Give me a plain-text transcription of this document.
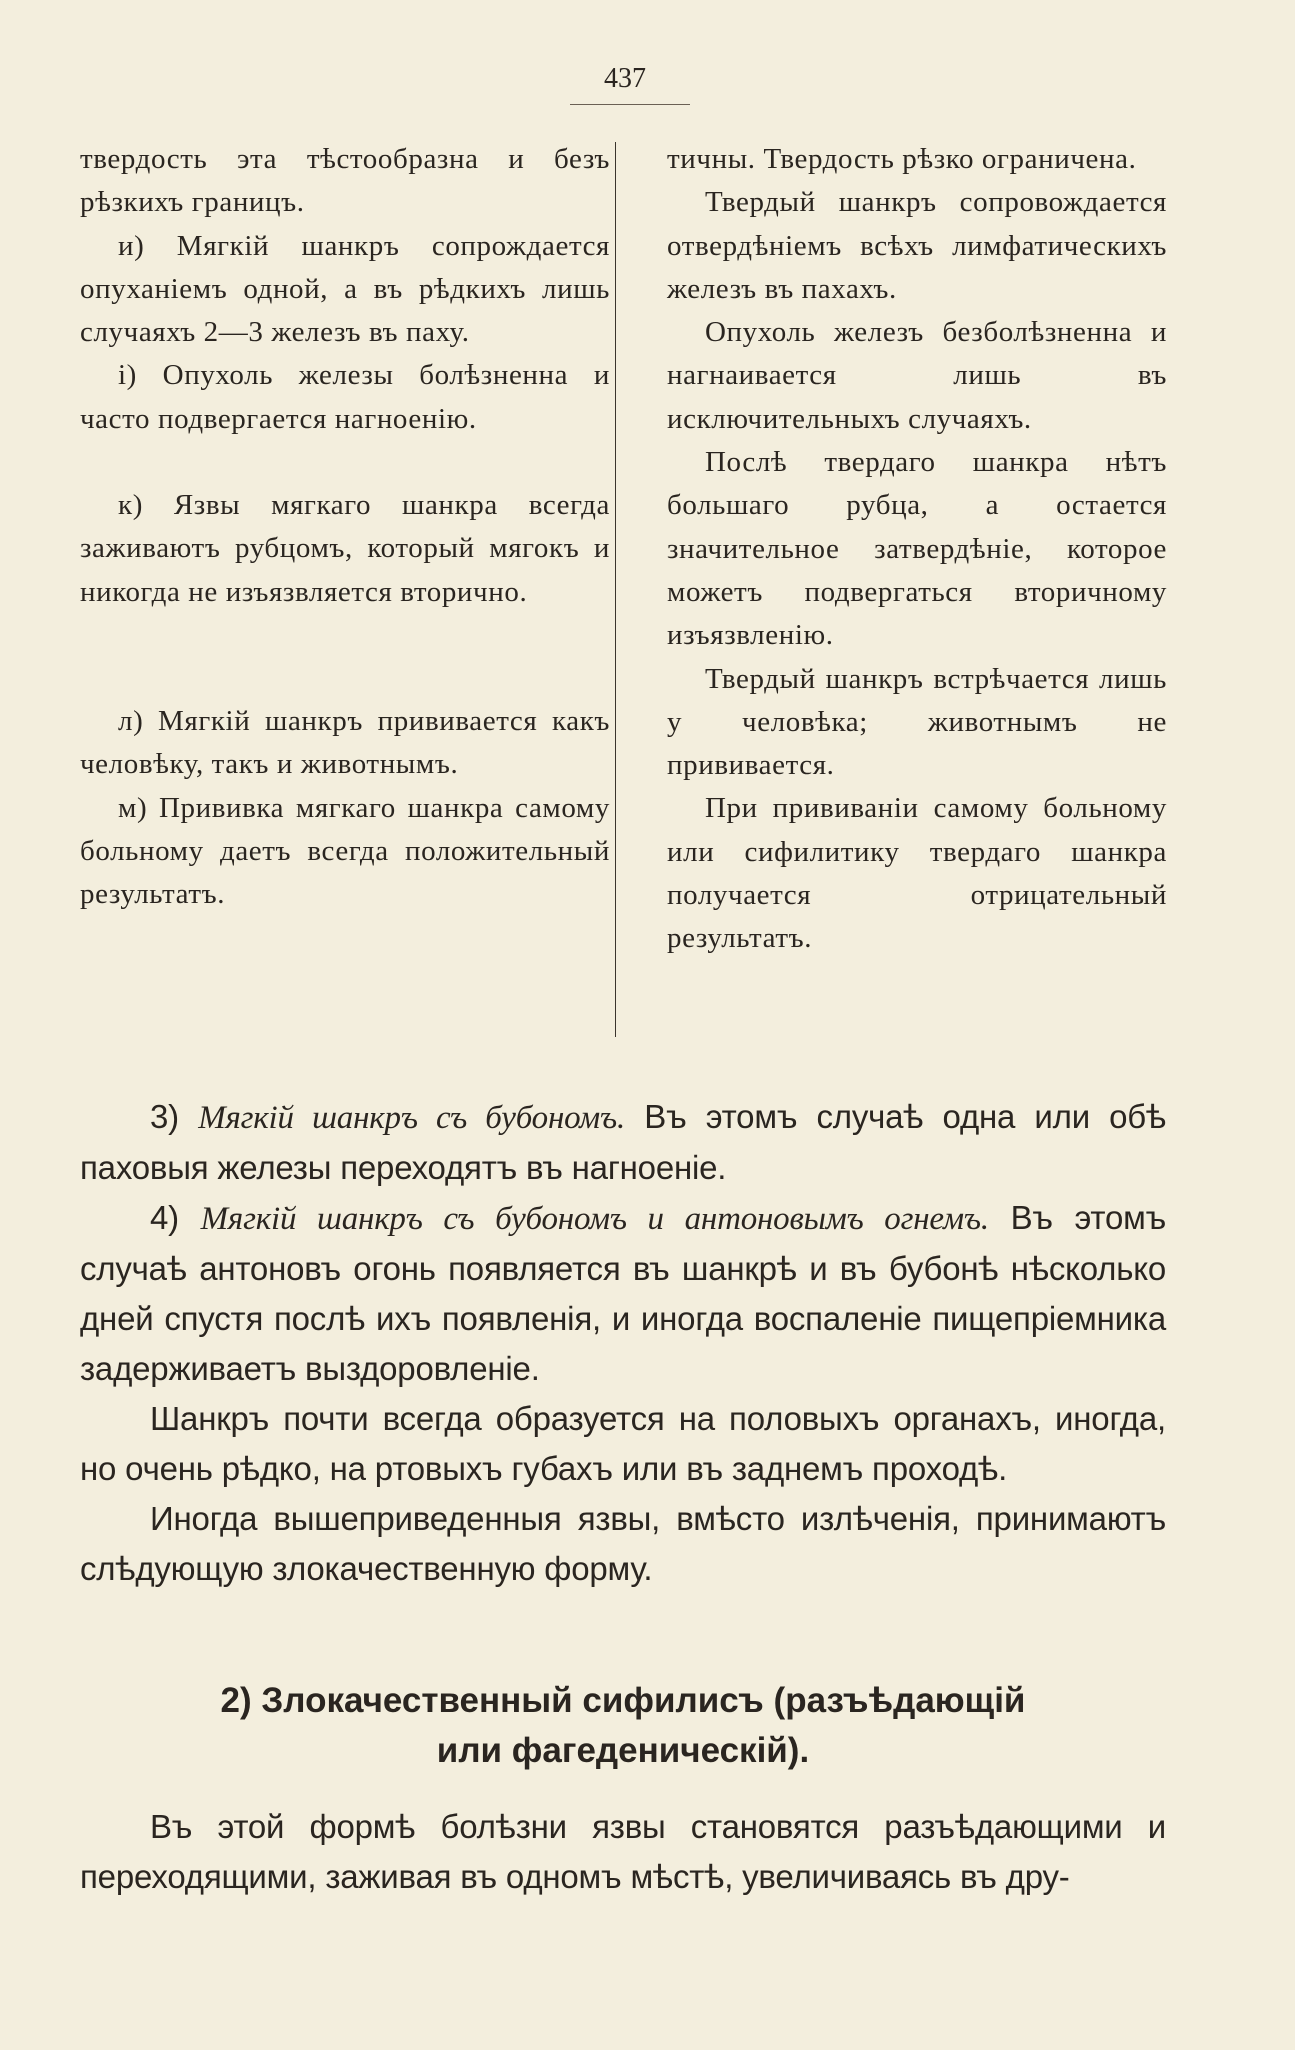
437

твердость эта тѣстообразна и безъ рѣзкихъ границъ.

и) Мягкій шанкръ сопрождается опуханіемъ одной, а въ рѣдкихъ лишь случаяхъ 2—3 железъ въ паху.

і) Опухоль железы болѣзненна и часто подвергается нагноенію.

к) Язвы мягкаго шанкра всегда заживаютъ рубцомъ, который мягокъ и никогда не изъязвляется вторично.

л) Мягкій шанкръ прививается какъ человѣку, такъ и животнымъ.

м) Прививка мягкаго шанкра самому больному даетъ всегда положительный результатъ.

тичны. Твердость рѣзко ограничена.

Твердый шанкръ сопровождается отвердѣніемъ всѣхъ лимфатическихъ железъ въ пахахъ.

Опухоль железъ безболѣзненна и нагнаивается лишь въ исключительныхъ случаяхъ.

Послѣ твердаго шанкра нѣтъ большаго рубца, а остается значительное затвердѣніе, которое можетъ подвергаться вторичному изъязвленію.

Твердый шанкръ встрѣчается лишь у человѣка; животнымъ не прививается.

При прививаніи самому больному или сифилитику твердаго шанкра получается отрицательный результатъ.

3) Мягкій шанкръ съ бубономъ. Въ этомъ случаѣ одна или обѣ паховыя железы переходятъ въ нагноеніе.

4) Мягкій шанкръ съ бубономъ и антоновымъ огнемъ. Въ этомъ случаѣ антоновъ огонь появляется въ шанкрѣ и въ бубонѣ нѣсколько дней спустя послѣ ихъ появленія, и иногда воспаленіе пищепріемника задерживаетъ выздоровленіе.

Шанкръ почти всегда образуется на половыхъ органахъ, иногда, но очень рѣдко, на ртовыхъ губахъ или въ заднемъ проходѣ.

Иногда вышеприведенныя язвы, вмѣсто излѣченія, принимаютъ слѣдующую злокачественную форму.

2) Злокачественный сифилисъ (разъѣдающій
или фагеденическій).

Въ этой формѣ болѣзни язвы становятся разъѣдающими и переходящими, заживая въ одномъ мѣстѣ, увеличиваясь въ дру-
